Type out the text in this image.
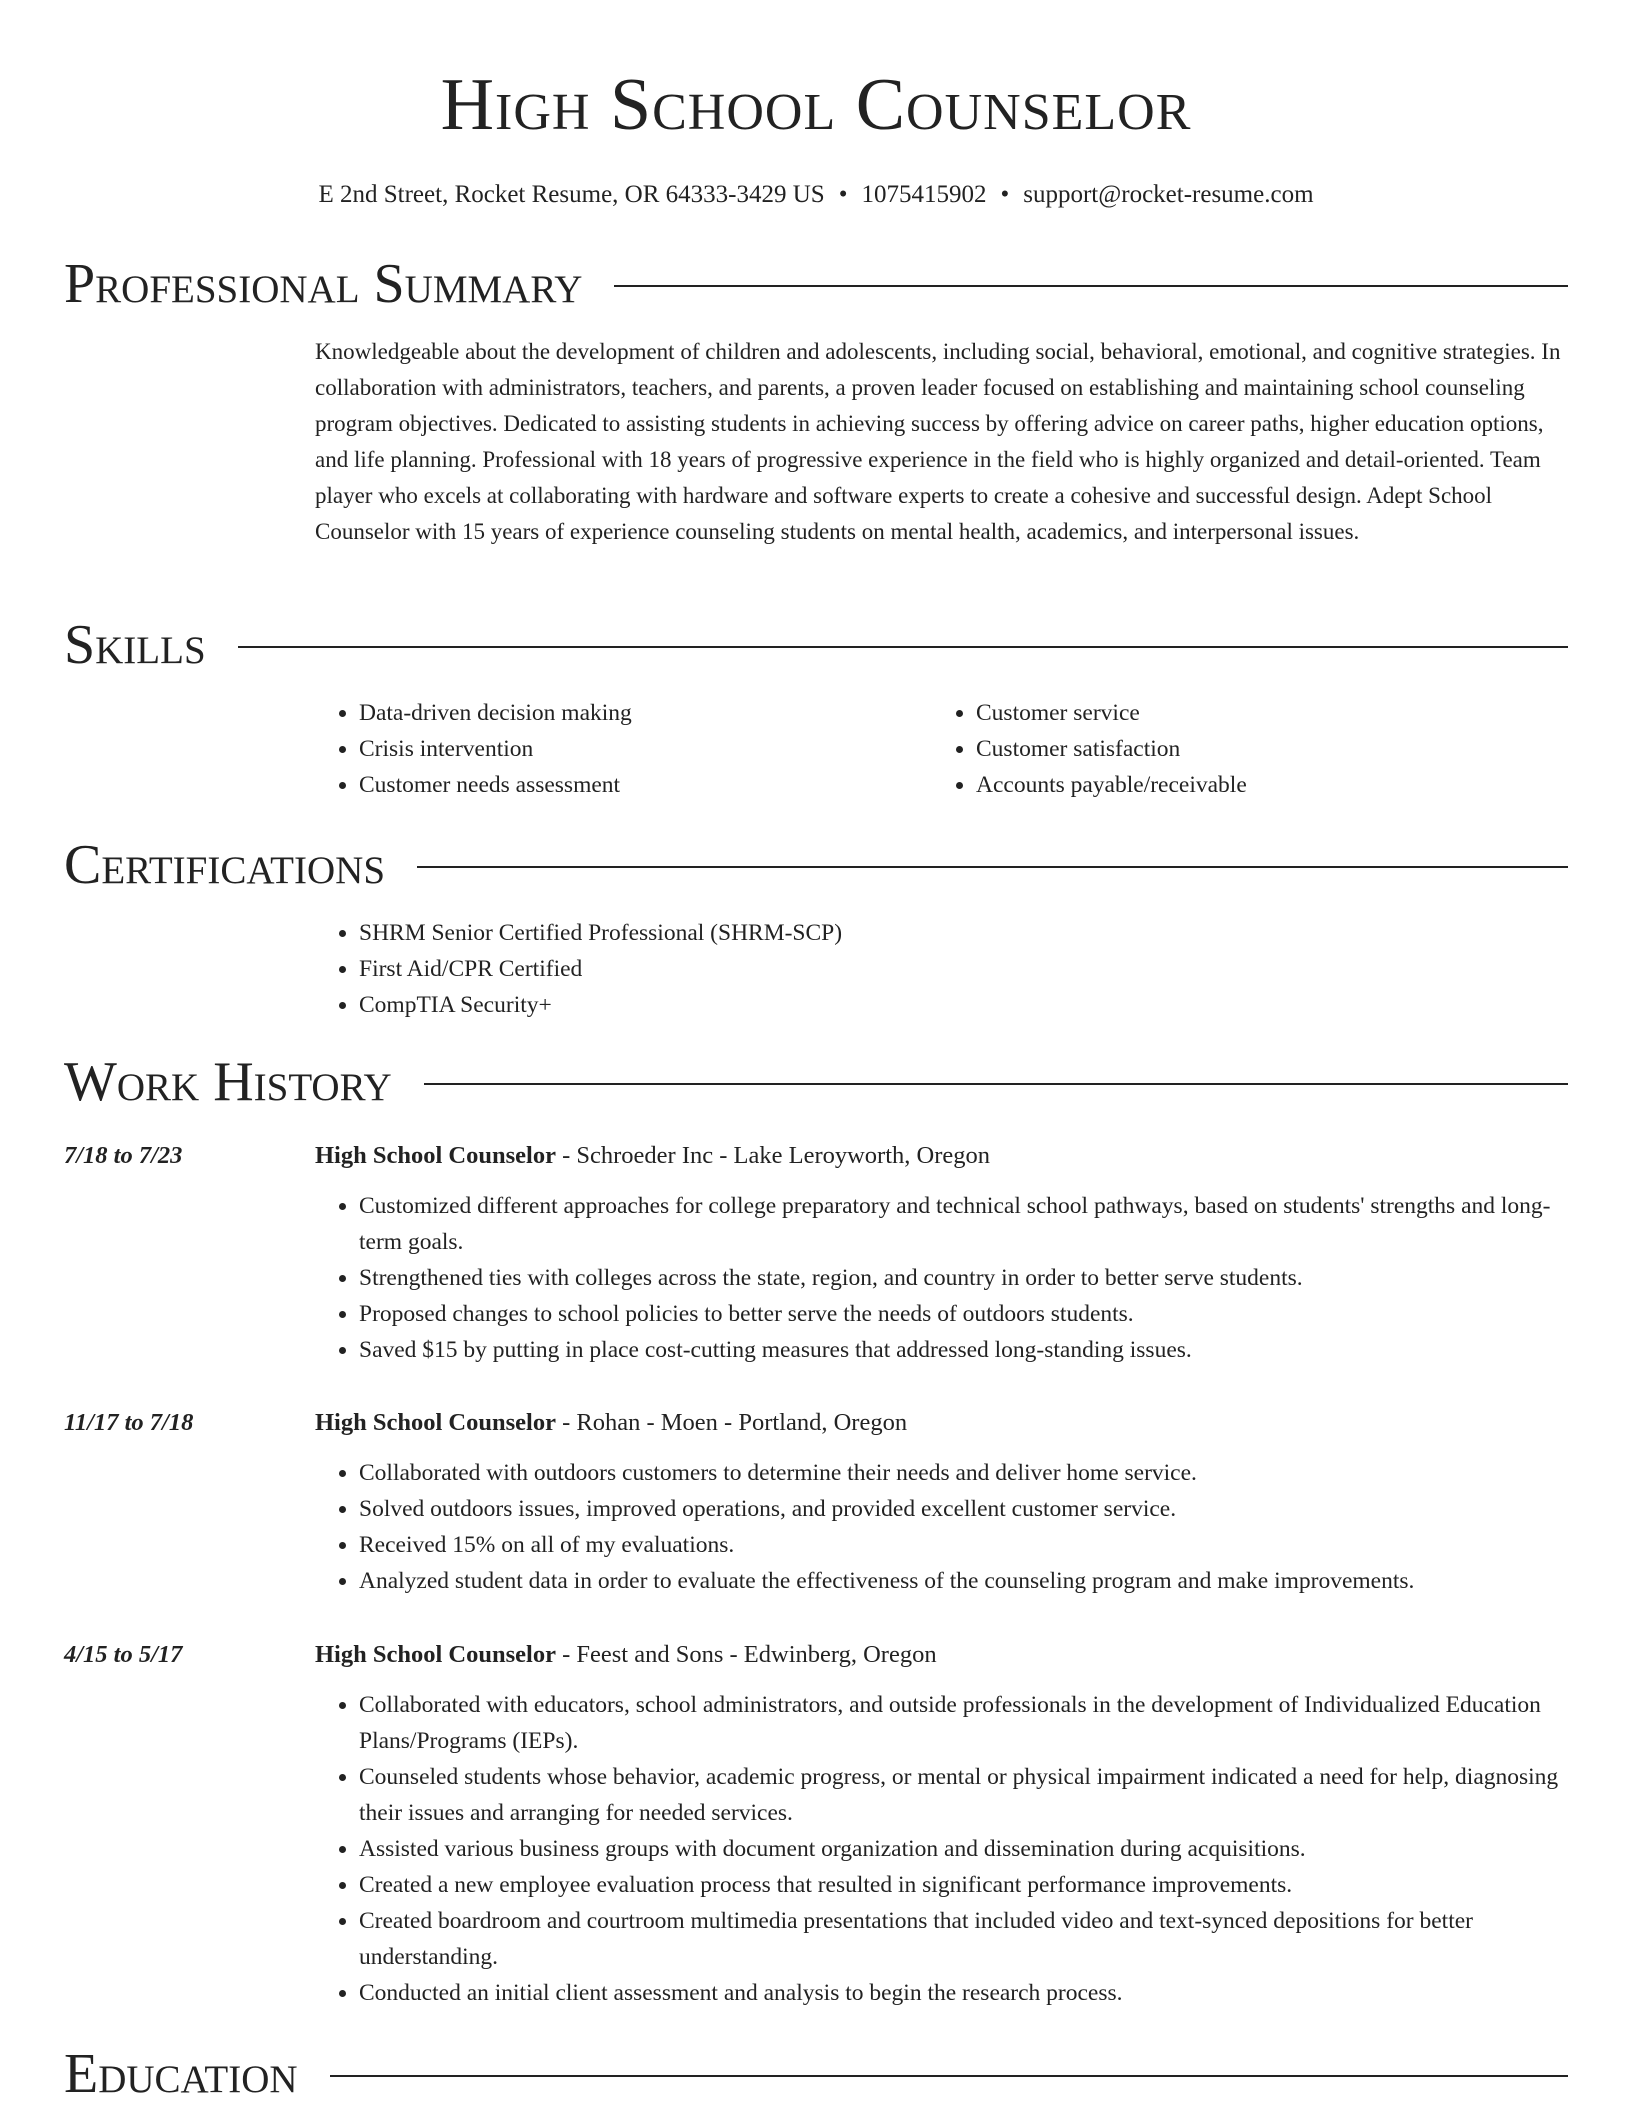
High School Counselor
E 2nd Street, Rocket Resume, OR 64333-3429 US • 1075415902 • support@rocket-resume.com
Professional Summary
Knowledgeable about the development of children and adolescents, including social, behavioral, emotional, and cognitive strategies. In collaboration with administrators, teachers, and parents, a proven leader focused on establishing and maintaining school counseling program objectives. Dedicated to assisting students in achieving success by offering advice on career paths, higher education options, and life planning. Professional with 18 years of progressive experience in the field who is highly organized and detail-oriented. Team player who excels at collaborating with hardware and software experts to create a cohesive and successful design. Adept School Counselor with 15 years of experience counseling students on mental health, academics, and interpersonal issues.
Skills
• Data-driven decision making
• Crisis intervention
• Customer needs assessment
• Customer service
• Customer satisfaction
• Accounts payable/receivable
Certifications
• SHRM Senior Certified Professional (SHRM-SCP)
• First Aid/CPR Certified
• CompTIA Security+
Work History
7/18 to 7/23	High School Counselor - Schroeder Inc - Lake Leroyworth, Oregon
• Customized different approaches for college preparatory and technical school pathways, based on students' strengths and long-term goals.
• Strengthened ties with colleges across the state, region, and country in order to better serve students.
• Proposed changes to school policies to better serve the needs of outdoors students.
• Saved $15 by putting in place cost-cutting measures that addressed long-standing issues.
11/17 to 7/18	High School Counselor - Rohan - Moen - Portland, Oregon
• Collaborated with outdoors customers to determine their needs and deliver home service.
• Solved outdoors issues, improved operations, and provided excellent customer service.
• Received 15% on all of my evaluations.
• Analyzed student data in order to evaluate the effectiveness of the counseling program and make improvements.
4/15 to 5/17	High School Counselor - Feest and Sons - Edwinberg, Oregon
• Collaborated with educators, school administrators, and outside professionals in the development of Individualized Education Plans/Programs (IEPs).
• Counseled students whose behavior, academic progress, or mental or physical impairment indicated a need for help, diagnosing their issues and arranging for needed services.
• Assisted various business groups with document organization and dissemination during acquisitions.
• Created a new employee evaluation process that resulted in significant performance improvements.
• Created boardroom and courtroom multimedia presentations that included video and text-synced depositions for better understanding.
• Conducted an initial client assessment and analysis to begin the research process.
Education
